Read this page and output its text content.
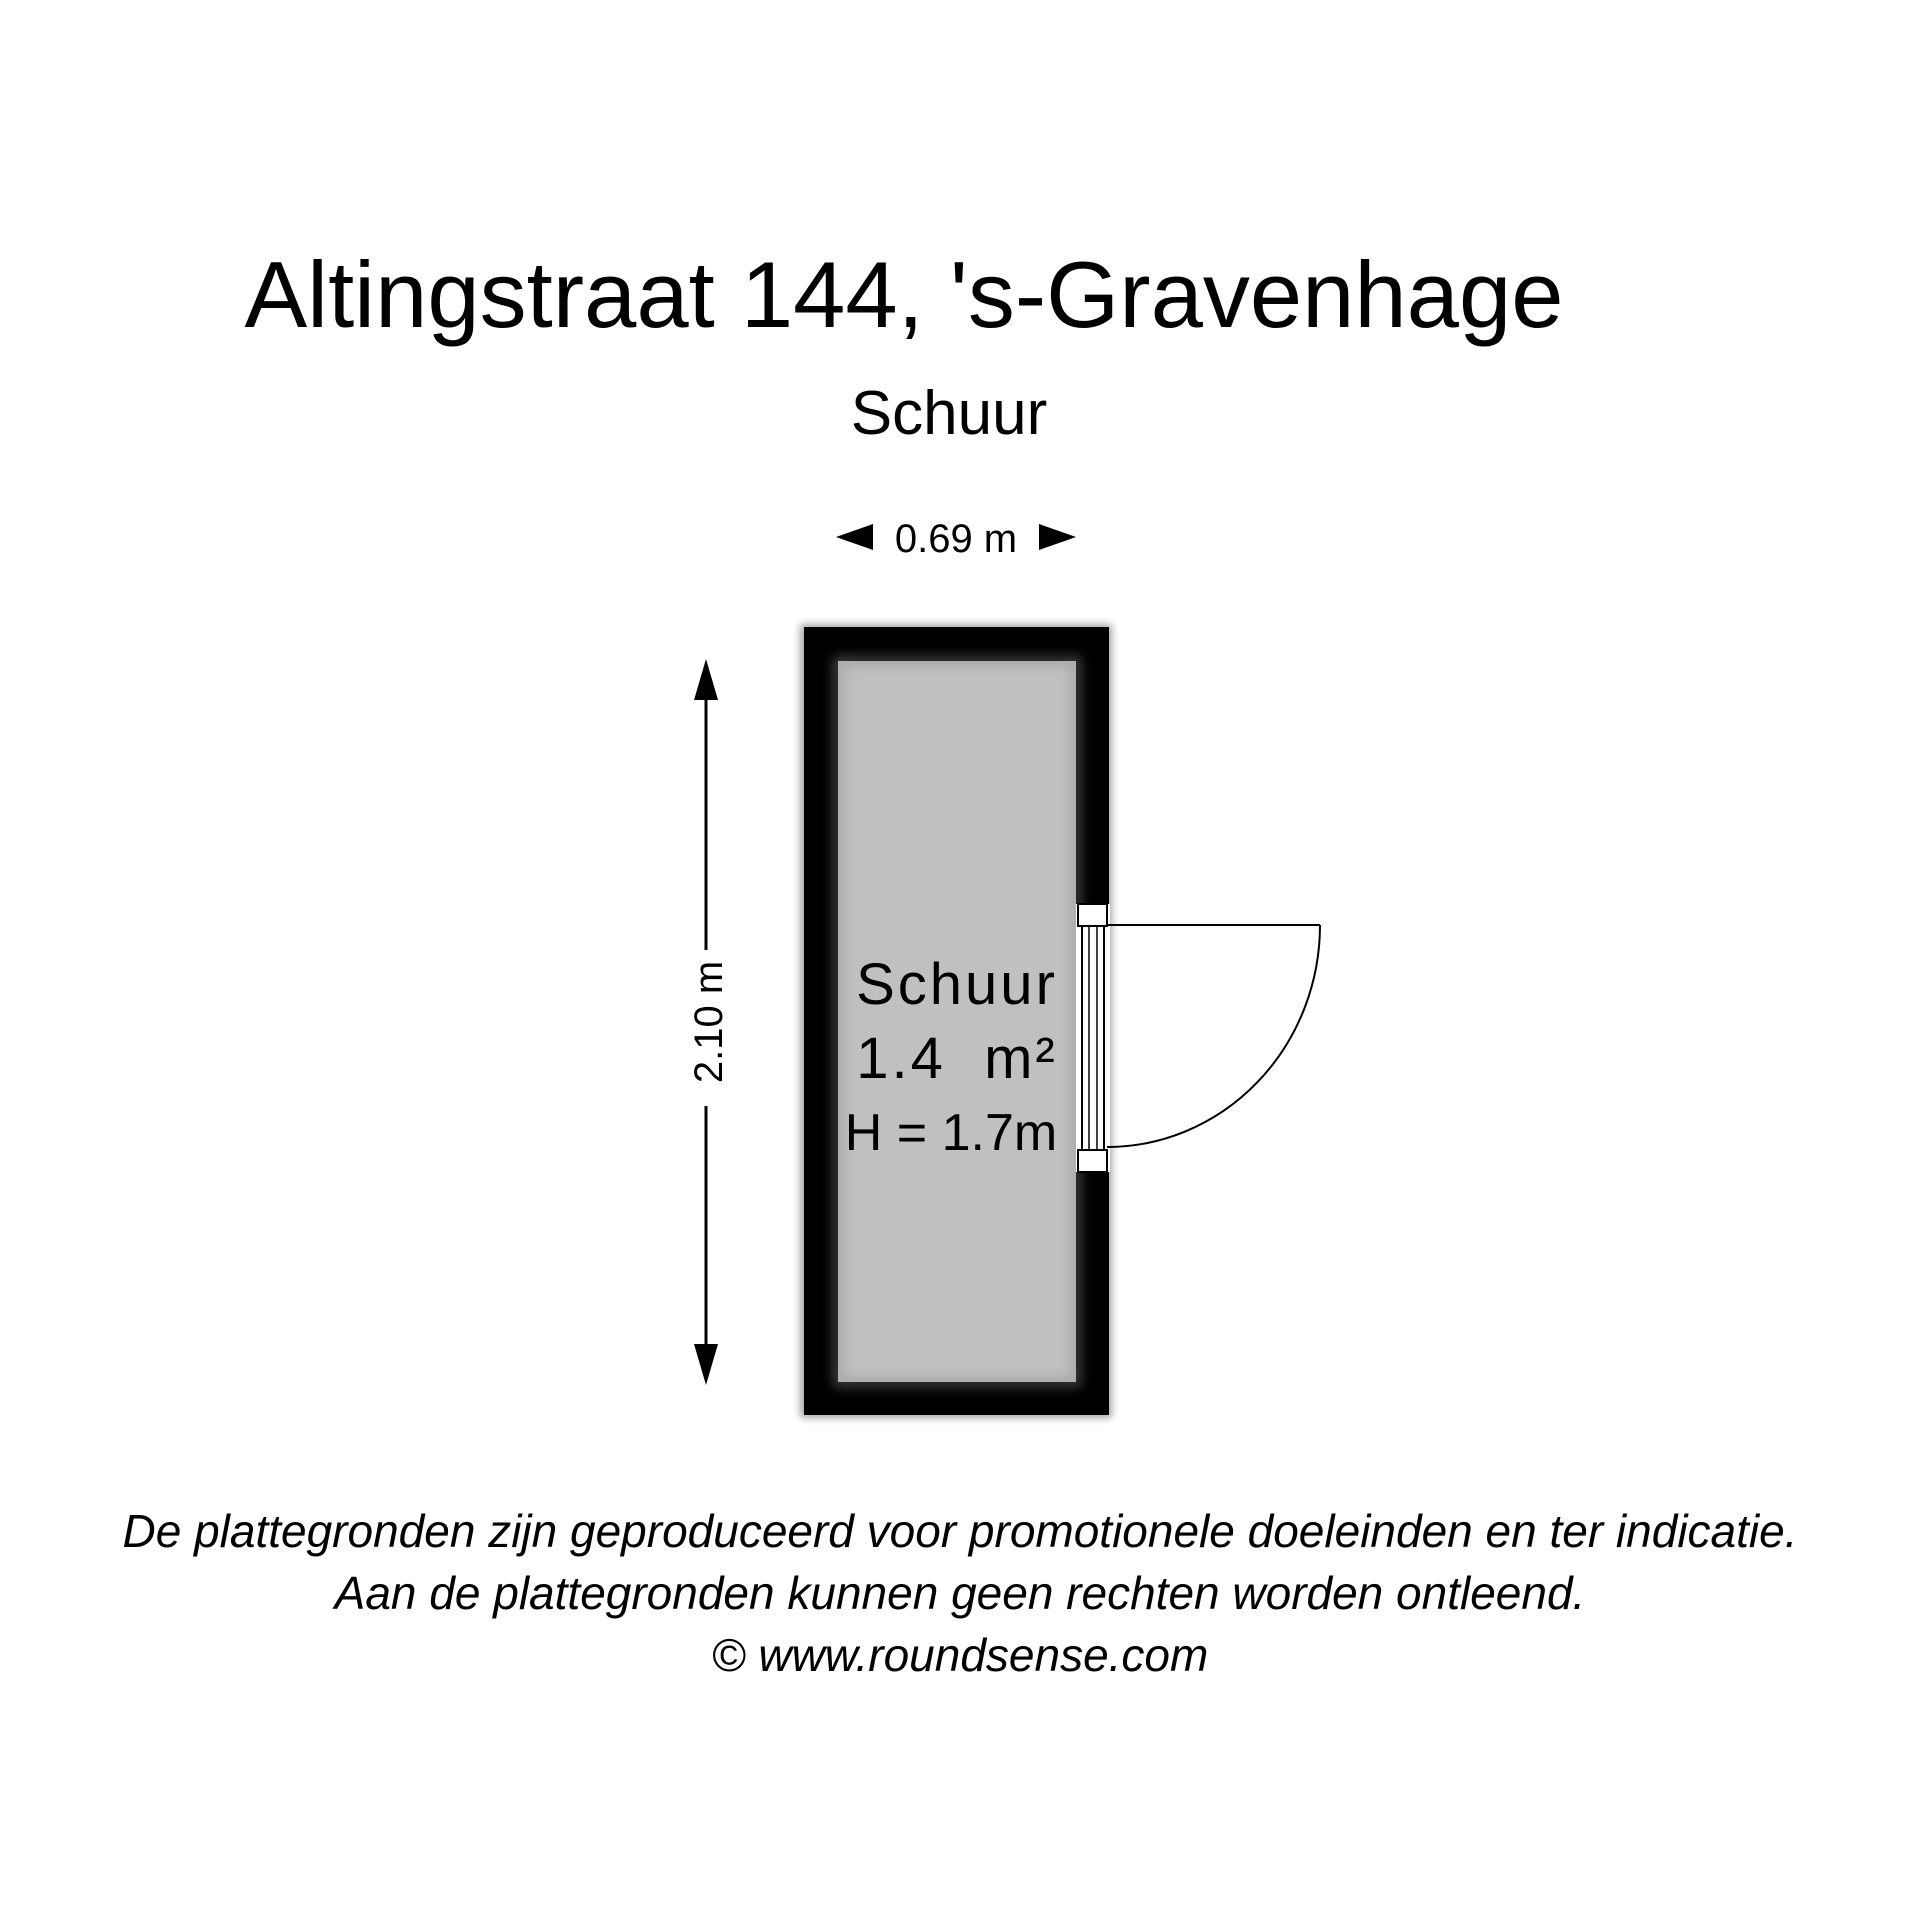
Altingstraat 144, 's-Gravenhage
Schuur
0.69 m
2.10 m Schuur
1.4  m²
H = 1.7m
De plattegronden zijn geproduceerd voor promotionele doeleinden en ter indicatie.
Aan de plattegronden kunnen geen rechten worden ontleend.
© www.roundsense.com
